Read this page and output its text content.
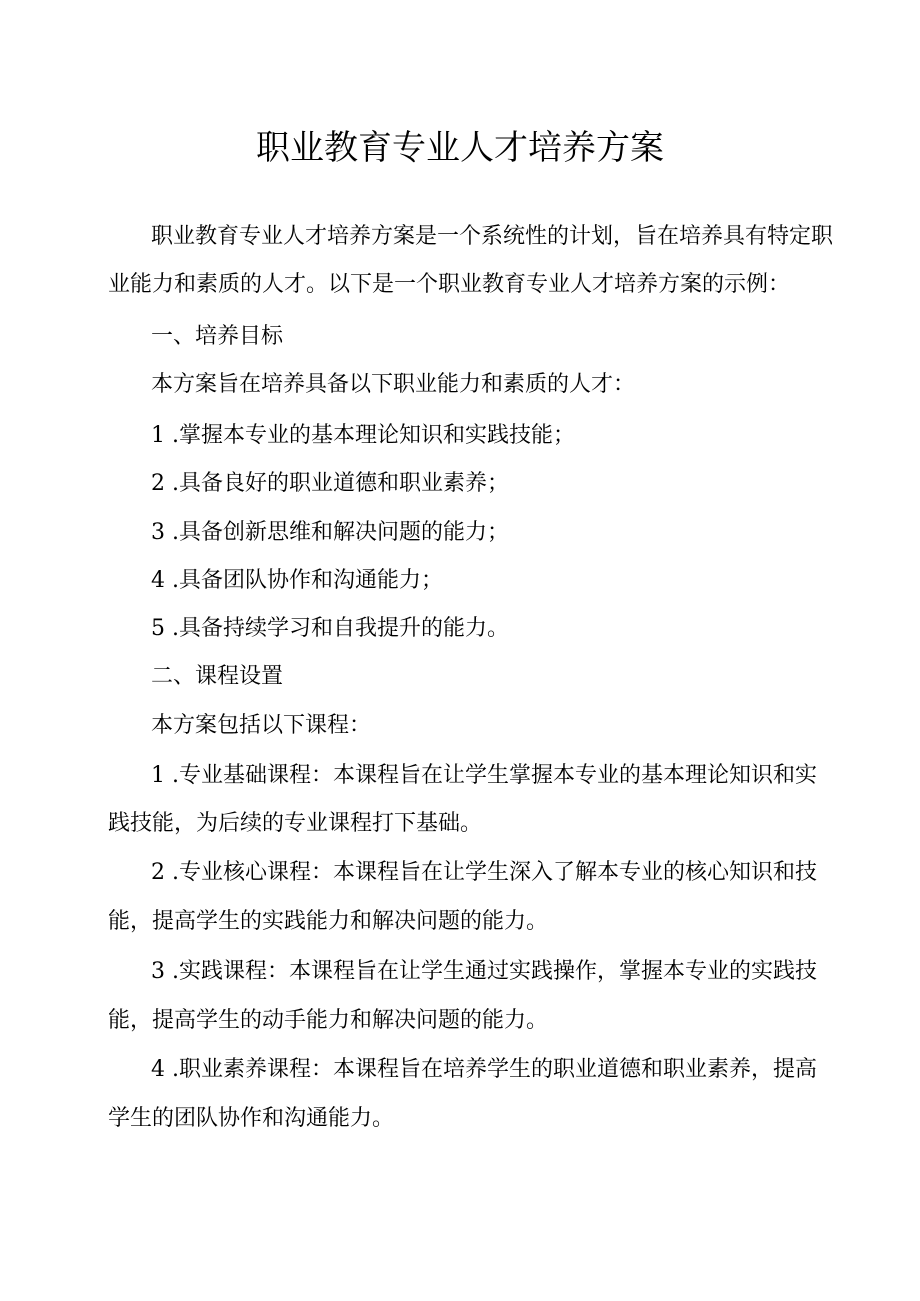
职业教育专业人才培养方案
职业教育专业人才培养方案是一个系统性的计划，旨在培养具有特定职
业能力和素质的人才。以下是一个职业教育专业人才培养方案的示例：
一、培养目标
本方案旨在培养具备以下职业能力和素质的人才：
1 .掌握本专业的基本理论知识和实践技能；
2 .具备良好的职业道德和职业素养；
3 .具备创新思维和解决问题的能力；
4 .具备团队协作和沟通能力；
5 .具备持续学习和自我提升的能力。
二、课程设置
本方案包括以下课程：
1 .专业基础课程：本课程旨在让学生掌握本专业的基本理论知识和实
践技能，为后续的专业课程打下基础。
2 .专业核心课程：本课程旨在让学生深入了解本专业的核心知识和技
能，提高学生的实践能力和解决问题的能力。
3 .实践课程：本课程旨在让学生通过实践操作，掌握本专业的实践技
能，提高学生的动手能力和解决问题的能力。
4 .职业素养课程：本课程旨在培养学生的职业道德和职业素养，提高
学生的团队协作和沟通能力。
